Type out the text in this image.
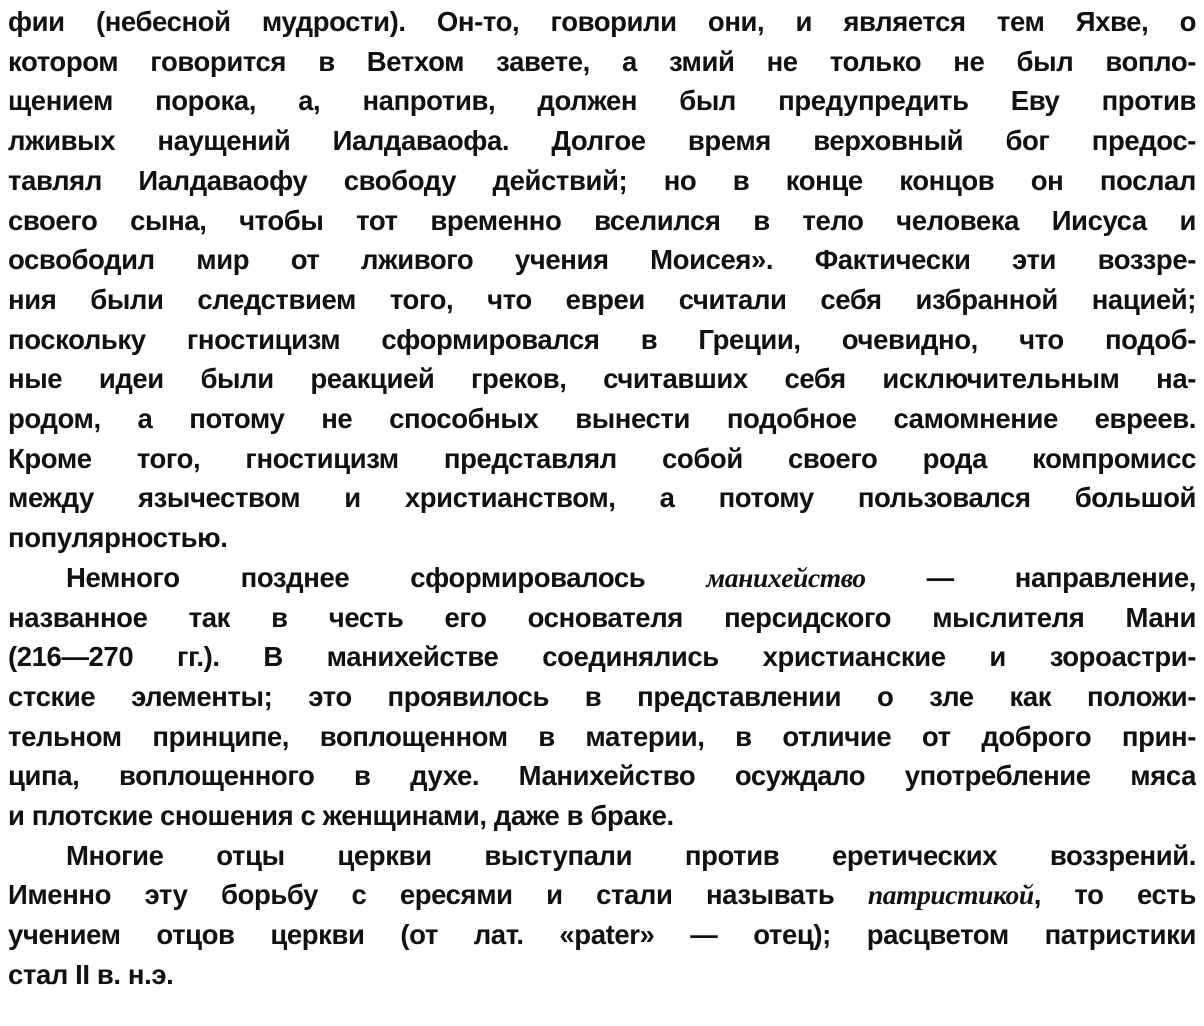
фии (небесной мудрости). Он-то, говорили они, и является тем Яхве, о
котором говорится в Ветхом завете, а змий не только не был вопло-
щением порока, а, напротив, должен был предупредить Еву против
лживых наущений Иалдаваофа. Долгое время верховный бог предос-
тавлял Иалдаваофу свободу действий; но в конце концов он послал
своего сына, чтобы тот временно вселился в тело человека Иисуса и
освободил мир от лживого учения Моисея». Фактически эти воззре-
ния были следствием того, что евреи считали себя избранной нацией;
поскольку гностицизм сформировался в Греции, очевидно, что подоб-
ные идеи были реакцией греков, считавших себя исключительным на-
родом, а потому не способных вынести подобное самомнение евреев.
Кроме того, гностицизм представлял собой своего рода компромисс
между язычеством и христианством, а потому пользовался большой
популярностью.

Немного позднее сформировалось манихейство — направление,
названное так в честь его основателя персидского мыслителя Мани
(216—270 гг.). В манихействе соединялись христианские и зороастри-
стские элементы; это проявилось в представлении о зле как положи-
тельном принципе, воплощенном в материи, в отличие от доброго прин-
ципа, воплощенного в духе. Манихейство осуждало употребление мяса
и плотские сношения с женщинами, даже в браке.

Многие отцы церкви выступали против еретических воззрений.
Именно эту борьбу с ересями и стали называть патристикой, то есть
учением отцов церкви (от лат. «pater» — отец); расцветом патристики
стал II в. н.э.
